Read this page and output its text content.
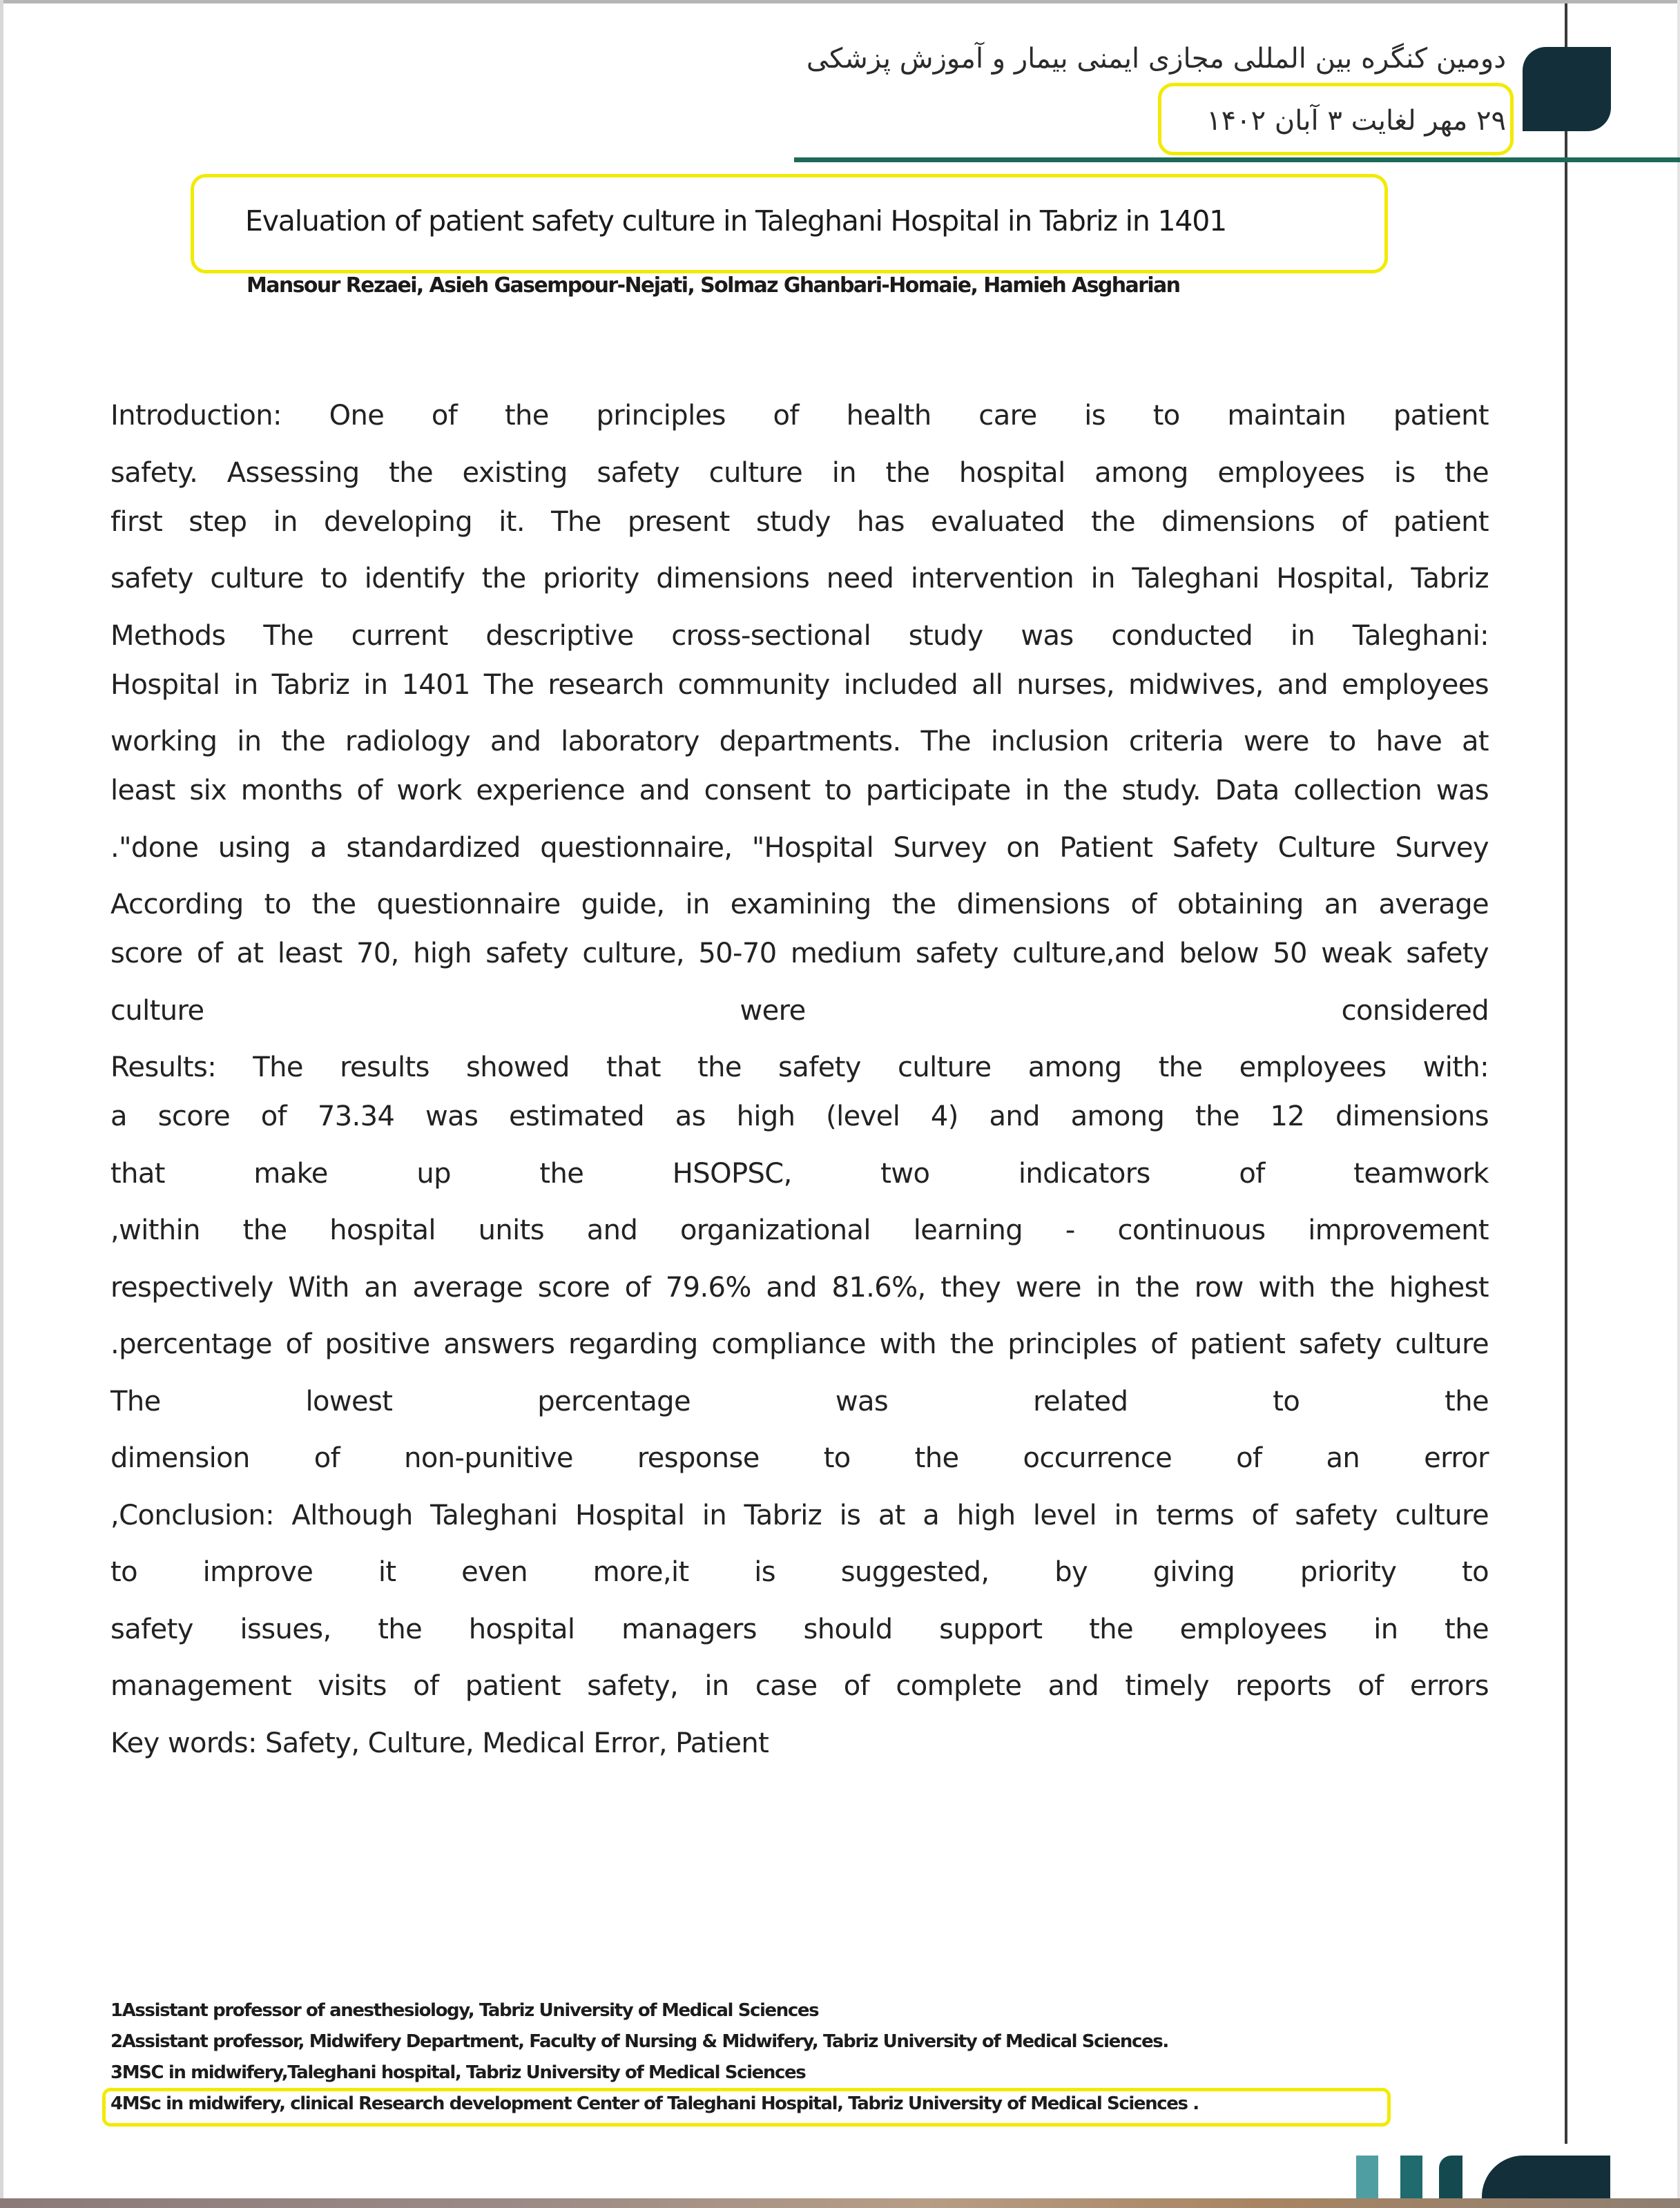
دومین کنگره بین المللی مجازی ایمنی بیمار و آموزش پزشکی
۲۹ مهر لغایت ۳ آبان ۱۴۰۲
Evaluation of patient safety culture in Taleghani Hospital in Tabriz in 1401
Mansour Rezaei, Asieh Gasempour-Nejati, Solmaz Ghanbari-Homaie, Hamieh Asgharian
Introduction: One of the principles of health care is to maintain patient
safety. Assessing the existing safety culture in the hospital among employees is the
first step in developing it. The present study has evaluated the dimensions of patient
safety culture to identify the priority dimensions need intervention in Taleghani Hospital, Tabriz
Methods The current descriptive cross-sectional study was conducted in Taleghani:
Hospital in Tabriz in 1401 The research community included all nurses, midwives, and employees
working in the radiology and laboratory departments. The inclusion criteria were to have at
least six months of work experience and consent to participate in the study. Data collection was
."done using a standardized questionnaire, "Hospital Survey on Patient Safety Culture Survey
According to the questionnaire guide, in examining the dimensions of obtaining an average
score of at least 70, high safety culture, 50-70 medium safety culture,and below 50 weak safety
culture were considered
Results: The results showed that the safety culture among the employees with:
a score of 73.34 was estimated as high (level 4) and among the 12 dimensions
that make up the HSOPSC, two indicators of teamwork
,within the hospital units and organizational learning - continuous improvement
respectively With an average score of 79.6% and 81.6%, they were in the row with the highest
.percentage of positive answers regarding compliance with the principles of patient safety culture
The lowest percentage was related to the
dimension of non-punitive response to the occurrence of an error
,Conclusion: Although Taleghani Hospital in Tabriz is at a high level in terms of safety culture
to improve it even more,it is suggested, by giving priority to
safety issues, the hospital managers should support the employees in the
management visits of patient safety, in case of complete and timely reports of errors
Key words: Safety, Culture, Medical Error, Patient
1Assistant professor of anesthesiology, Tabriz University of Medical Sciences
2Assistant professor, Midwifery Department, Faculty of Nursing & Midwifery, Tabriz University of Medical Sciences.
3MSC in midwifery,Taleghani hospital, Tabriz University of Medical Sciences
4MSc in midwifery, clinical Research development Center of Taleghani Hospital, Tabriz University of Medical Sciences .
